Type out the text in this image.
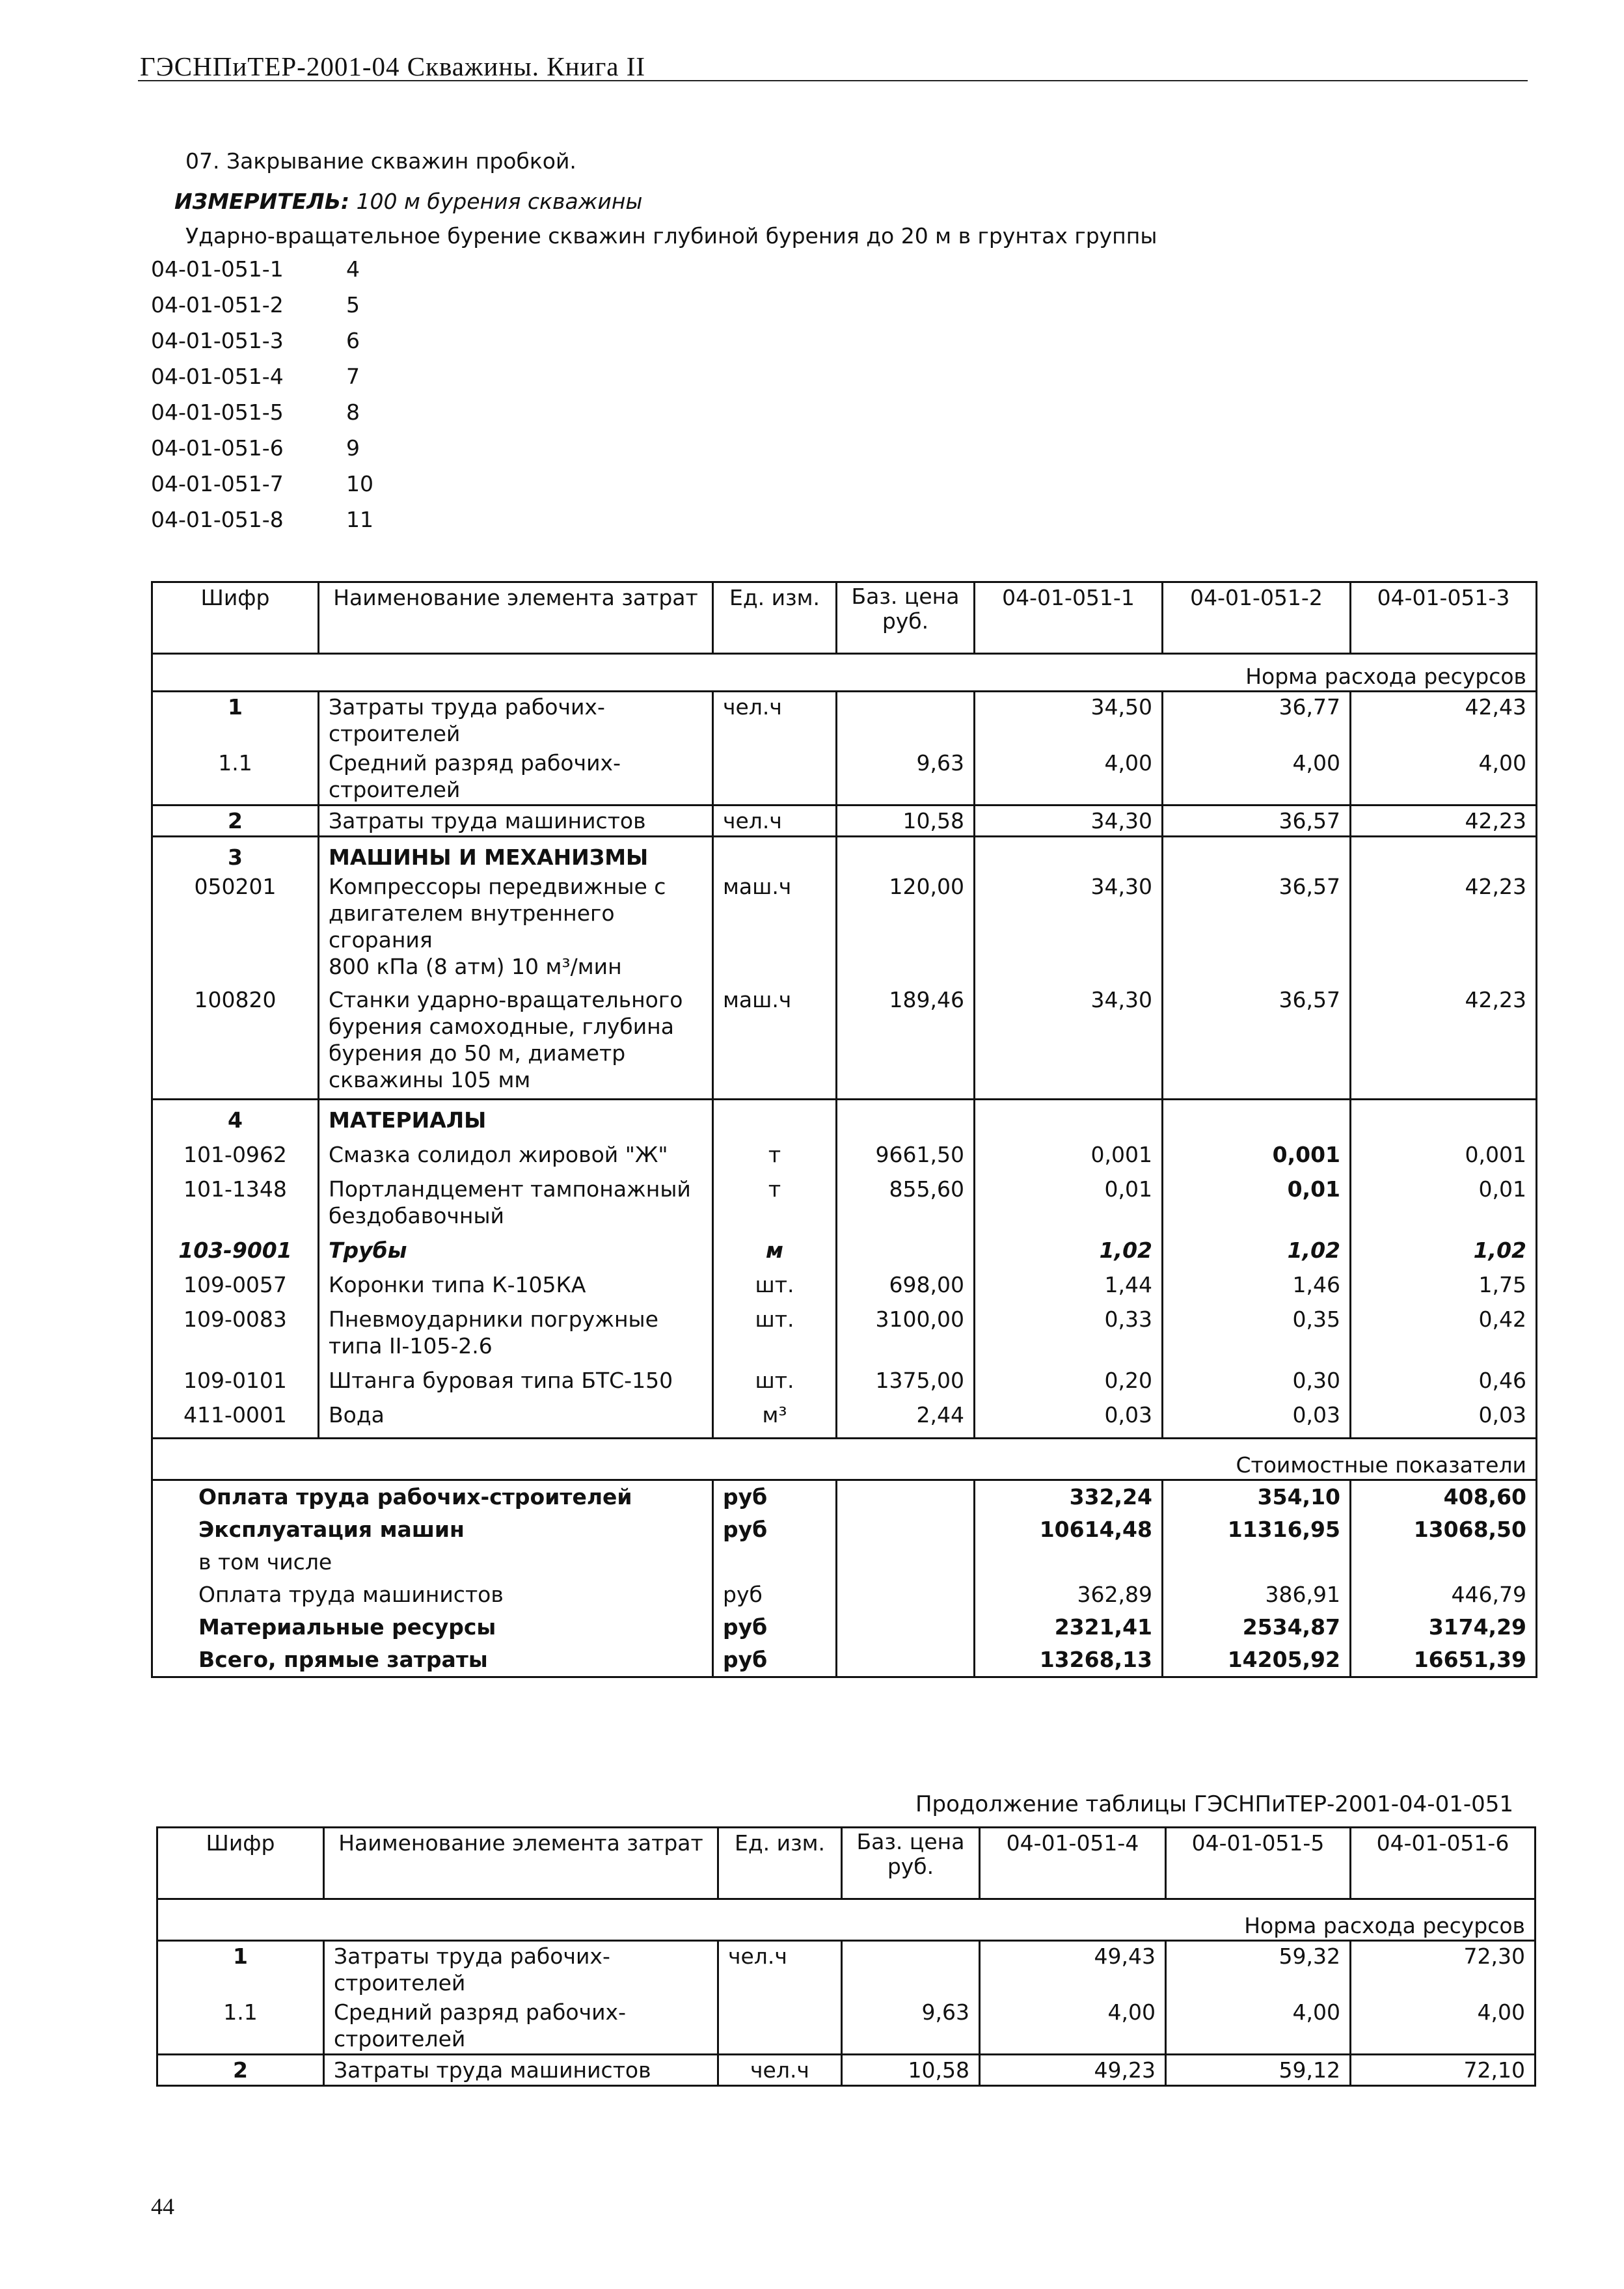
ГЭСНПиТЕР-2001-04 Скважины. Книга II
07. Закрывание скважин пробкой.
ИЗМЕРИТЕЛЬ: 100 м бурения скважины
Ударно-вращательное бурение скважин глубиной бурения до 20 м в грунтах группы
04-01-051-1	4
04-01-051-2	5
04-01-051-3	6
04-01-051-4	7
04-01-051-5	8
04-01-051-6	9
04-01-051-7	10
04-01-051-8	11
Шифр	Наименование элемента затрат	Ед. изм.	Баз. цена руб.	04-01-051-1	04-01-051-2	04-01-051-3
Норма расхода ресурсов						
1	Затраты труда рабочих-строителей	чел.ч		34,50	36,77	42,43
1.1	Средний разряд рабочих-строителей		9,63	4,00	4,00	4,00
2	Затраты труда машинистов	чел.ч	10,58	34,30	36,57	42,23
3	МАШИНЫ И МЕХАНИЗМЫ					
050201	Компрессоры передвижные с
двигателем внутреннего
сгорания
800 кПа (8 атм) 10 м³/мин	маш.ч	120,00	34,30	36,57	42,23
100820	Станки ударно-вращательного
бурения самоходные, глубина
бурения до 50 м, диаметр
скважины 105 мм	маш.ч	189,46	34,30	36,57	42,23
4	МАТЕРИАЛЫ					
101-0962	Смазка солидол жировой "Ж"	т	9661,50	0,001	0,001	0,001
101-1348	Портландцемент тампонажный
бездобавочный	т	855,60	0,01	0,01	0,01
103-9001	Трубы	м		1,02	1,02	1,02
109-0057	Коронки типа К-105КА	шт.	698,00	1,44	1,46	1,75
109-0083	Пневмоударники погружные
типа II-105-2.6	шт.	3100,00	0,33	0,35	0,42
109-0101	Штанга буровая типа БТС-150	шт.	1375,00	0,20	0,30	0,46
411-0001	Вода	м³	2,44	0,03	0,03	0,03
Стоимостные показатели						
Оплата труда рабочих-строителей		руб		332,24	354,10	408,60
Эксплуатация машин		руб		10614,48	11316,95	13068,50
в том числе						
Оплата труда машинистов		руб		362,89	386,91	446,79
Материальные ресурсы		руб		2321,41	2534,87	3174,29
Всего, прямые затраты		руб		13268,13	14205,92	16651,39
Продолжение таблицы ГЭСНПиТЕР-2001-04-01-051
Шифр	Наименование элемента затрат	Ед. изм.	Баз. цена руб.	04-01-051-4	04-01-051-5	04-01-051-6
Норма расхода ресурсов						
1	Затраты труда рабочих-строителей	чел.ч		49,43	59,32	72,30
1.1	Средний разряд рабочих-строителей		9,63	4,00	4,00	4,00
2	Затраты труда машинистов	чел.ч	10,58	49,23	59,12	72,10
44
